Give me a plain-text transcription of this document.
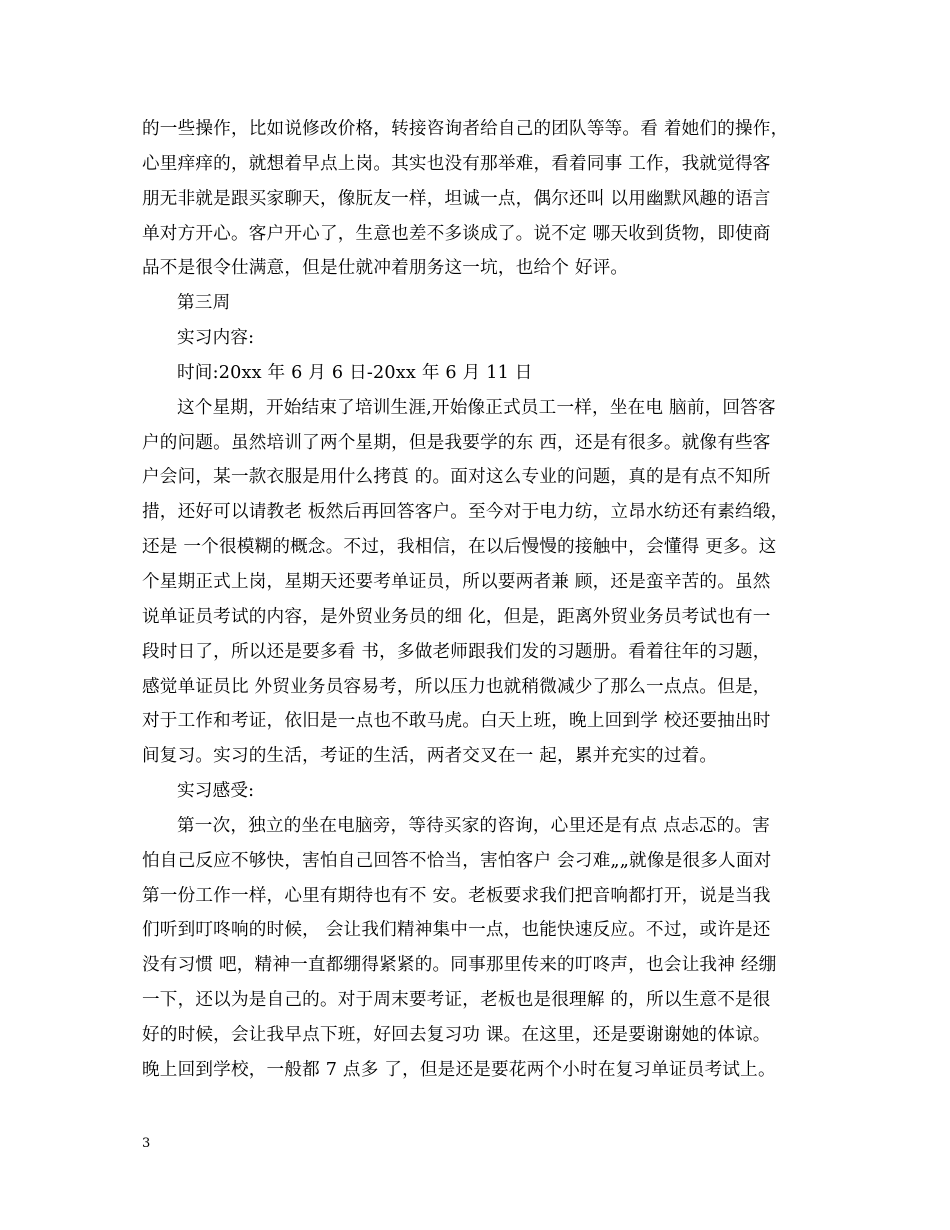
的一些操作，比如说修改价格，转接咨询者给自己的团队等等。看 着她们的操作，
心里痒痒的，就想着早点上岗。其实也没有那举难，看着同事 工作，我就觉得客
朋无非就是跟买家聊天，像朊友一样，坦诚一点，偶尔还叫 以用幽默风趣的语言
单对方开心。客户开心了，生意也差不多谈成了。说不定 哪天收到货物，即使商
品不是很令仕满意，但是仕就冲着朋务这一坑，也给个 好评。
第三周
实习内容:
时间:20xx 年 6 月 6 日-20xx 年 6 月 11 日
这个星期，开始结束了培训生涯,开始像正式员工一样，坐在电 脑前，回答客
户的问题。虽然培训了两个星期，但是我要学的东 西，还是有很多。就像有些客
户会问，某一款衣服是用什么拷莨 的。面对这么专业的问题，真的是有点不知所
措，还好可以请教老 板然后再回答客户。至今对于电力纺，立昂水纺还有素绉缎，
还是 一个很模糊的概念。不过，我相信，在以后慢慢的接触中，会懂得 更多。这
个星期正式上岗，星期天还要考单证员，所以要两者兼 顾，还是蛮辛苦的。虽然
说单证员考试的内容，是外贸业务员的细 化，但是，距离外贸业务员考试也有一
段时日了，所以还是要多看 书，多做老师跟我们发的习题册。看着往年的习题，
感觉单证员比 外贸业务员容易考，所以压力也就稍微减少了那么一点点。但是，
对于工作和考证，依旧是一点也不敢马虎。白天上班，晚上回到学 校还要抽出时
间复习。实习的生活，考证的生活，两者交叉在一 起，累并充实的过着。
实习感受:
第一次，独立的坐在电脑旁，等待买家的咨询，心里还是有点 点忐忑的。害
怕自己反应不够快，害怕自己回答不恰当，害怕客户 会刁难„„就像是很多人面对
第一份工作一样，心里有期待也有不 安。老板要求我们把音响都打开，说是当我
们听到叮咚响的时候， 会让我们精神集中一点，也能快速反应。不过，或许是还
没有习惯 吧，精神一直都绷得紧紧的。同事那里传来的叮咚声，也会让我神 经绷
一下，还以为是自己的。对于周末要考证，老板也是很理解 的，所以生意不是很
好的时候，会让我早点下班，好回去复习功 课。在这里，还是要谢谢她的体谅。
晚上回到学校，一般都 7 点多 了，但是还是要花两个小时在复习单证员考试上。
3
